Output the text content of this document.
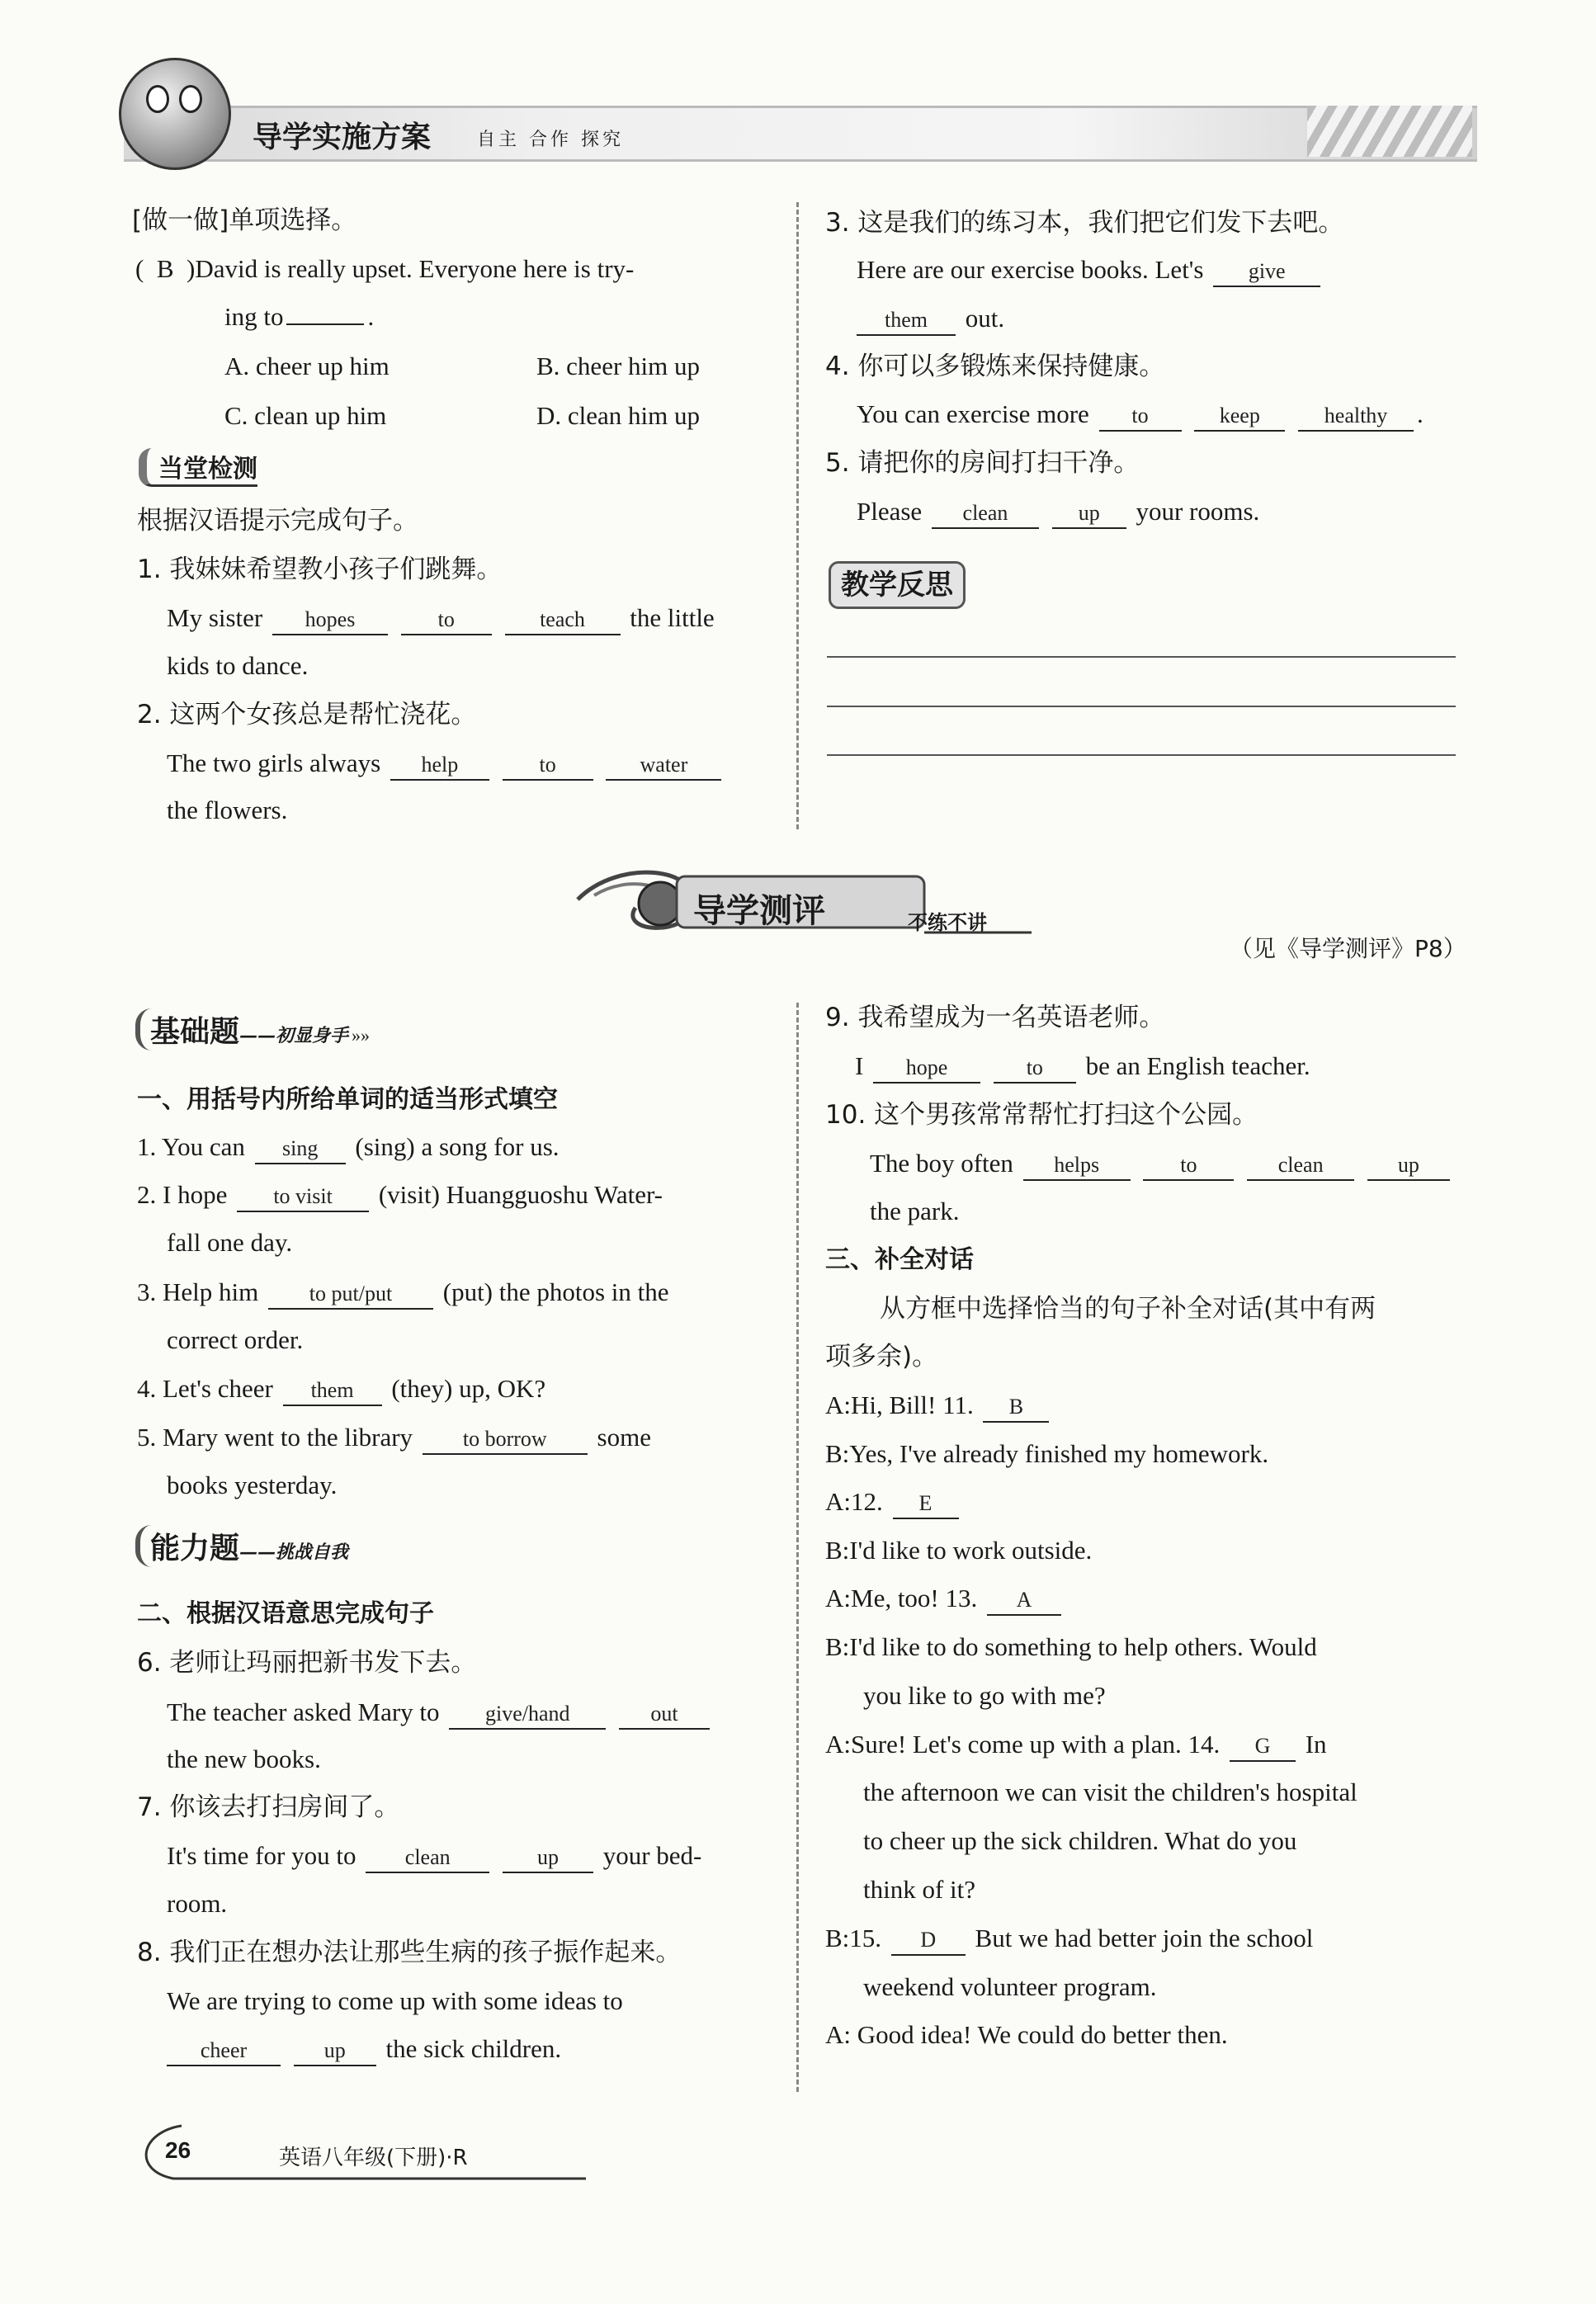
导学实施方案	自主 合作 探究
[做一做]单项选择。
(  B )David is really upset. Everyone here is try-
ing to	.
A. cheer up him	B. cheer him up
C. clean up him	D. clean him up
当堂检测
根据汉语提示完成句子。
1. 我妹妹希望教小孩子们跳舞。
My sister hopes	to	teach the little
kids to dance.
2. 这两个女孩总是帮忙浇花。
The two girls always help	to	water
the flowers.
3. 这是我们的练习本，我们把它们发下去吧。
Here are our exercise books. Let's give
them out.
4. 你可以多锻炼来保持健康。
You can exercise more to	keep	healthy .
5. 请把你的房间打扫干净。
Please clean	up your rooms.
教学反思
导学测评	不练不讲
（见《导学测评》P8）
基础题——初显身手 »»
一、用括号内所给单词的适当形式填空
1. You can sing (sing) a song for us.
2. I hope to visit (visit) Huangguoshu Water-
fall one day.
3. Help him to put/put (put) the photos in the
correct order.
4. Let's cheer them (they) up, OK?
5. Mary went to the library to borrow some
books yesterday.
能力题——挑战自我
二、根据汉语意思完成句子
6. 老师让玛丽把新书发下去。
The teacher asked Mary to give/hand	out
the new books.
7. 你该去打扫房间了。
It's time for you to clean	up your bed-
room.
8. 我们正在想办法让那些生病的孩子振作起来。
We are trying to come up with some ideas to
cheer	up the sick children.
9. 我希望成为一名英语老师。
I hope	to be an English teacher.
10. 这个男孩常常帮忙打扫这个公园。
The boy often helps	to	clean	up
the park.
三、补全对话
从方框中选择恰当的句子补全对话(其中有两
项多余)。
A:Hi, Bill! 11. B
B:Yes, I've already finished my homework.
A:12. E
B:I'd like to work outside.
A:Me, too! 13. A
B:I'd like to do something to help others. Would
you like to go with me?
A:Sure! Let's come up with a plan. 14. G In
the afternoon we can visit the children's hospital
to cheer up the sick children. What do you
think of it?
B:15. D But we had better join the school
weekend volunteer program.
A: Good idea! We could do better then.
26	英语八年级(下册)·R
